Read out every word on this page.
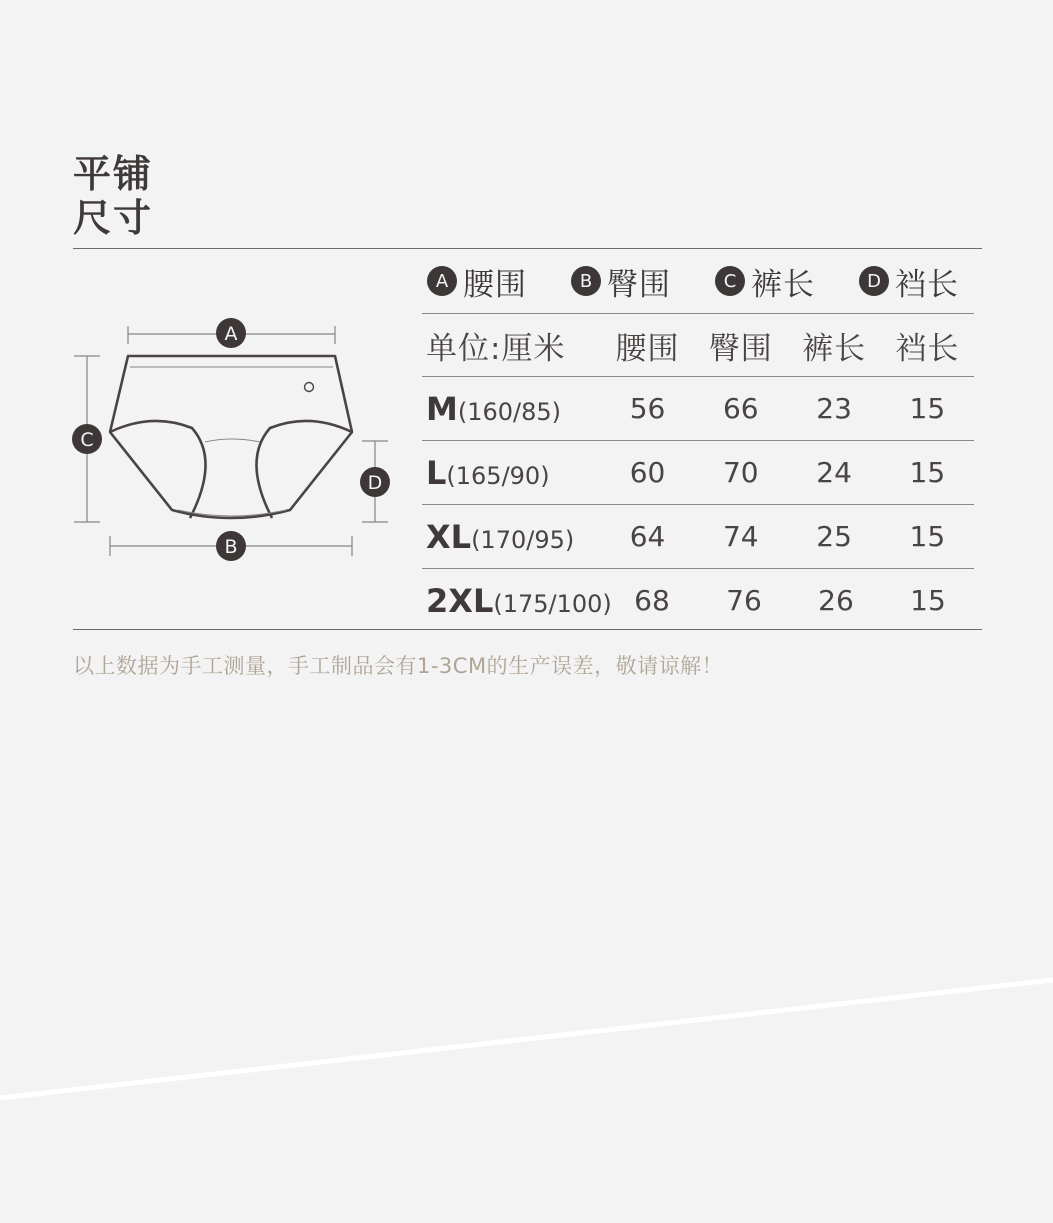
平铺
尺寸
A
B
C
D
A 腰围	B 臀围	C 裤长	D 裆长
单位:厘米	腰围 臀围 裤长 裆长
M(160/85)	56	66	23	15
L(165/90)	60	70	24	15
XL(170/95)	64	74	25	15
2XL(175/100) 68	76	26	15
以上数据为手工测量，手工制品会有1-3CM的生产误差，敬请谅解！
